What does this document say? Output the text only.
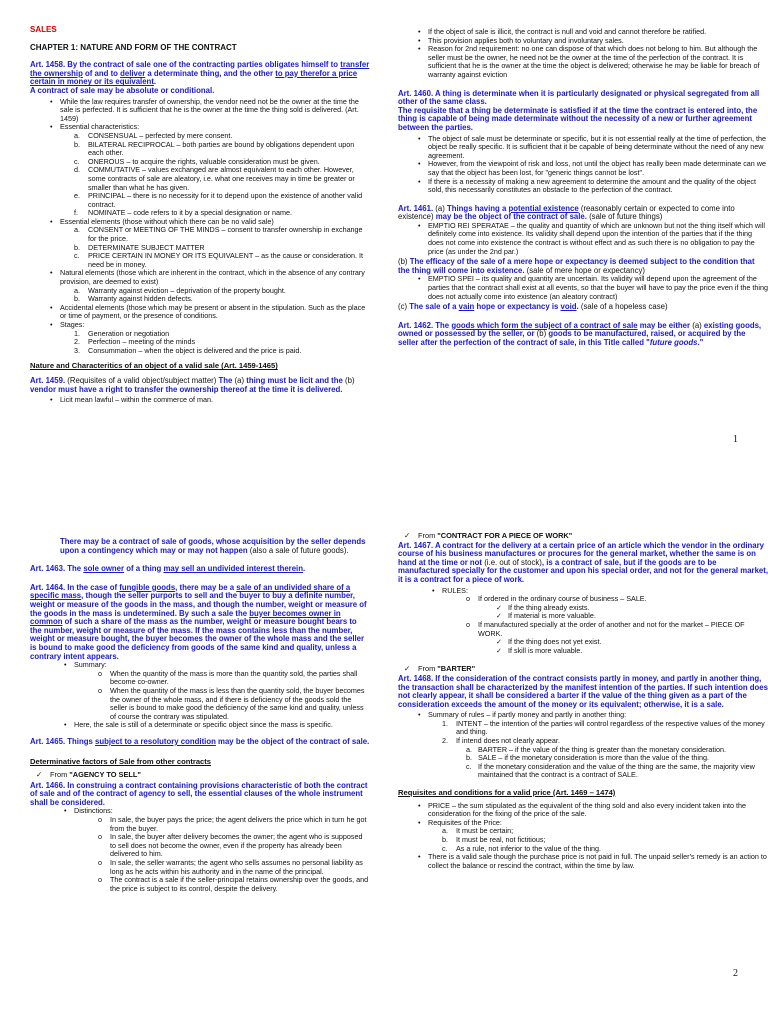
SALES

CHAPTER 1: NATURE AND FORM OF THE CONTRACT

Art. 1458. By the contract of sale one of the contracting parties obligates himself to transfer the ownership of and to deliver a determinate thing, and the other to pay therefor a price certain in money or its equivalent.
A contract of sale may be absolute or conditional.

• While the law requires transfer of ownership, the vendor need not be the owner at the time the sale is perfected. It is sufficient that he is the owner at the time the thing sold is delivered. (Art. 1459)

• Essential characteristics:

a. CONSENSUAL – perfected by mere consent.

b. BILATERAL RECIPROCAL – both parties are bound by obligations dependent upon each other.

c. ONEROUS – to acquire the rights, valuable consideration must be given.

d. COMMUTATIVE – values exchanged are almost equivalent to each other. However, some contracts of sale are aleatory, i.e. what one receives may in time be greater or smaller than what he has given.

e. PRINCIPAL – there is no necessity for it to depend upon the existence of another valid contract.

f. NOMINATE – code refers to it by a special designation or name.

• Essential elements (those without which there can be no valid sale)

a. CONSENT or MEETING OF THE MINDS – consent to transfer ownership in exchange for the price.

b. DETERMINATE SUBJECT MATTER

c. PRICE CERTAIN IN MONEY OR ITS EQUIVALENT – as the cause or consideration. It need be in money.

• Natural elements (those which are inherent in the contract, which in the absence of any contrary provision, are deemed to exist)

a. Warranty against eviction – deprivation of the property bought.

b. Warranty against hidden defects.

• Accidental elements (those which may be present or absent in the stipulation. Such as the place or time of payment, or the presence of conditions.

• Stages:

1. Generation or negotiation

2. Perfection – meeting of the minds

3. Consummation – when the object is delivered and the price is paid.

Nature and Characteritics of an object of a valid sale (Art. 1459-1465)

Art. 1459. (Requisites of a valid object/subject matter) The (a) thing must be licit and the (b) vendor must have a right to transfer the ownership thereof at the time it is delivered.

• Licit mean lawful – within the commerce of man.

• If the object of sale is illicit, the contract is null and void and cannot therefore be ratified.

• This provision applies both to voluntary and involuntary sales.

• Reason for 2nd requirement: no one can dispose of that which does not belong to him. But although the seller must be the owner, he need not be the owner at the time of the perfection of the contract. It is sufficient that he is the owner at the time the object is delivered; otherwise he may be liable for breach of warranty against eviction

Art. 1460. A thing is determinate when it is particularly designated or physical segregated from all other of the same class.
The requisite that a thing be determinate is satisfied if at the time the contract is entered into, the thing is capable of being made determinate without the necessity of a new or further agreement between the parties.

• The object of sale must be determinate or specific, but it is not essential really at the time of perfection, the object be really specific. It is sufficient that it be capable of being determinate without the need of any new agreement.

• However, from the viewpoint of risk and loss, not until the object has really been made determinate can we say that the object has been lost, for "generic things cannot be lost".

• If there is a necessity of making a new agreement to determine the amount and the quality of the object sold, this necessarily constitutes an obstacle to the perfection of the contract.

Art. 1461. (a) Things having a potential existence (reasonably certain or expected to come into existence) may be the object of the contract of sale. (sale of future things)

• EMPTIO REI SPERATAE – the quality and quantity of which are unknown but not the thing itself which will definitely come into existence. Its validity shall depend upon the intention of the parties that if the thing does not come into existence the contract is without effect and as such there is no obligation to pay the price (as under the 2nd par.)

(b) The efficacy of the sale of a mere hope or expectancy is deemed subject to the condition that the thing will come into existence. (sale of mere hope or expectancy)

• EMPTIO SPEI – its quality and quantity are uncertain. Its validity will depend upon the agreement of the parties that the contract shall exist at all events, so that the buyer will have to pay the price even if the thing does not actually come into existence (an aleatory contract)

(c) The sale of a vain hope or expectancy is void. (sale of a hopeless case)

Art. 1462. The goods which form the subject of a contract of sale may be either (a) existing goods, owned or possessed by the seller, or (b) goods to be manufactured, raised, or acquired by the seller after the perfection of the contract of sale, in this Title called "future goods."

1

There may be a contract of sale of goods, whose acquisition by the seller depends upon a contingency which may or may not happen (also a sale of future goods).

Art. 1463. The sole owner of a thing may sell an undivided interest therein.

Art. 1464. In the case of fungible goods, there may be a sale of an undivided share of a specific mass, though the seller purports to sell and the buyer to buy a definite number, weight or measure of the goods in the mass, and though the number, weight or measure of the goods in the mass is undetermined. By such a sale the buyer becomes owner in common of such a share of the mass as the number, weight or measure bought bears to the number, weight or measure of the mass. If the mass contains less than the number, weight or measure bought, the buyer becomes the owner of the whole mass and the seller is bound to make good the deficiency from goods of the same kind and quality, unless a contrary intent appears.

• Summary:

o When the quantity of the mass is more than the quantity sold, the parties shall become co-owner.

o When the quantity of the mass is less than the quantity sold, the buyer becomes the owner of the whole mass, and if there is deficiency of the goods sold the seller is bound to make good the deficiency of the same kind and quality, unless of course the contrary was stipulated.

• Here, the sale is still of a determinate or specific object since the mass is specific.

Art. 1465. Things subject to a resolutory condition may be the object of the contract of sale.

Determinative factors of Sale from other contracts

✓ From "AGENCY TO SELL"

Art. 1466. In construing a contract containing provisions characteristic of both the contract of sale and of the contract of agency to sell, the essential clauses of the whole instrument shall be considered.

• Distinctions:

o In sale, the buyer pays the price; the agent delivers the price which in turn he got from the buyer.

o In sale, the buyer after delivery becomes the owner; the agent who is supposed to sell does not become the owner, even if the property has already been delivered to him.

o In sale, the seller warrants; the agent who sells assumes no personal liability as long as he acts within his authority and in the name of the principal.

o The contract is a sale if the seller-principal retains ownership over the goods, and the price is subject to its control, despite the delivery.

✓ From "CONTRACT FOR A PIECE OF WORK"

Art. 1467. A contract for the delivery at a certain price of an article which the vendor in the ordinary course of his business manufactures or procures for the general market, whether the same is on hand at the time or not (i.e. out of stock), is a contract of sale, but if the goods are to be manufactured specially for the customer and upon his special order, and not for the general market, it is a contract for a piece of work.

• RULES:

o If ordered in the ordinary course of business – SALE.

✓ If the thing already exists.

✓ If material is more valuable.

o If manufactured specially at the order of another and not for the market – PIECE OF WORK.

✓ If the thing does not yet exist.

✓ If skill is more valuable.

✓ From "BARTER"

Art. 1468. If the consideration of the contract consists partly in money, and partly in another thing, the transaction shall be characterized by the manifest intention of the parties. If such intention does not clearly appear, it shall be considered a barter if the value of the thing given as a part of the consideration exceeds the amount of the money or its equivalent; otherwise, it is a sale.

• Summary of rules – if partly money and partly in another thing:

1. INTENT – the intention of the parties will control regardless of the respective values of the money and thing.

2. If intend does not clearly appear.

a. BARTER – if the value of the thing is greater than the monetary consideration.

b. SALE – if the monetary consideration is more than the value of the thing.

c. If the monetary consideration and the value of the thing are the same, the majority view maintained that the contract is a contract of SALE.

Requisites and conditions for a valid price (Art. 1469 – 1474)

• PRICE – the sum stipulated as the equivalent of the thing sold and also every incident taken into the consideration for the fixing of the price of the sale.

• Requisites of the Price:

a. It must be certain;

b. It must be real, not fictitious;

c. As a rule, not inferior to the value of the thing.

• There is a valid sale though the purchase price is not paid in full. The unpaid seller's remedy is an action to collect the balance or rescind the contract, within the time by law.

2
